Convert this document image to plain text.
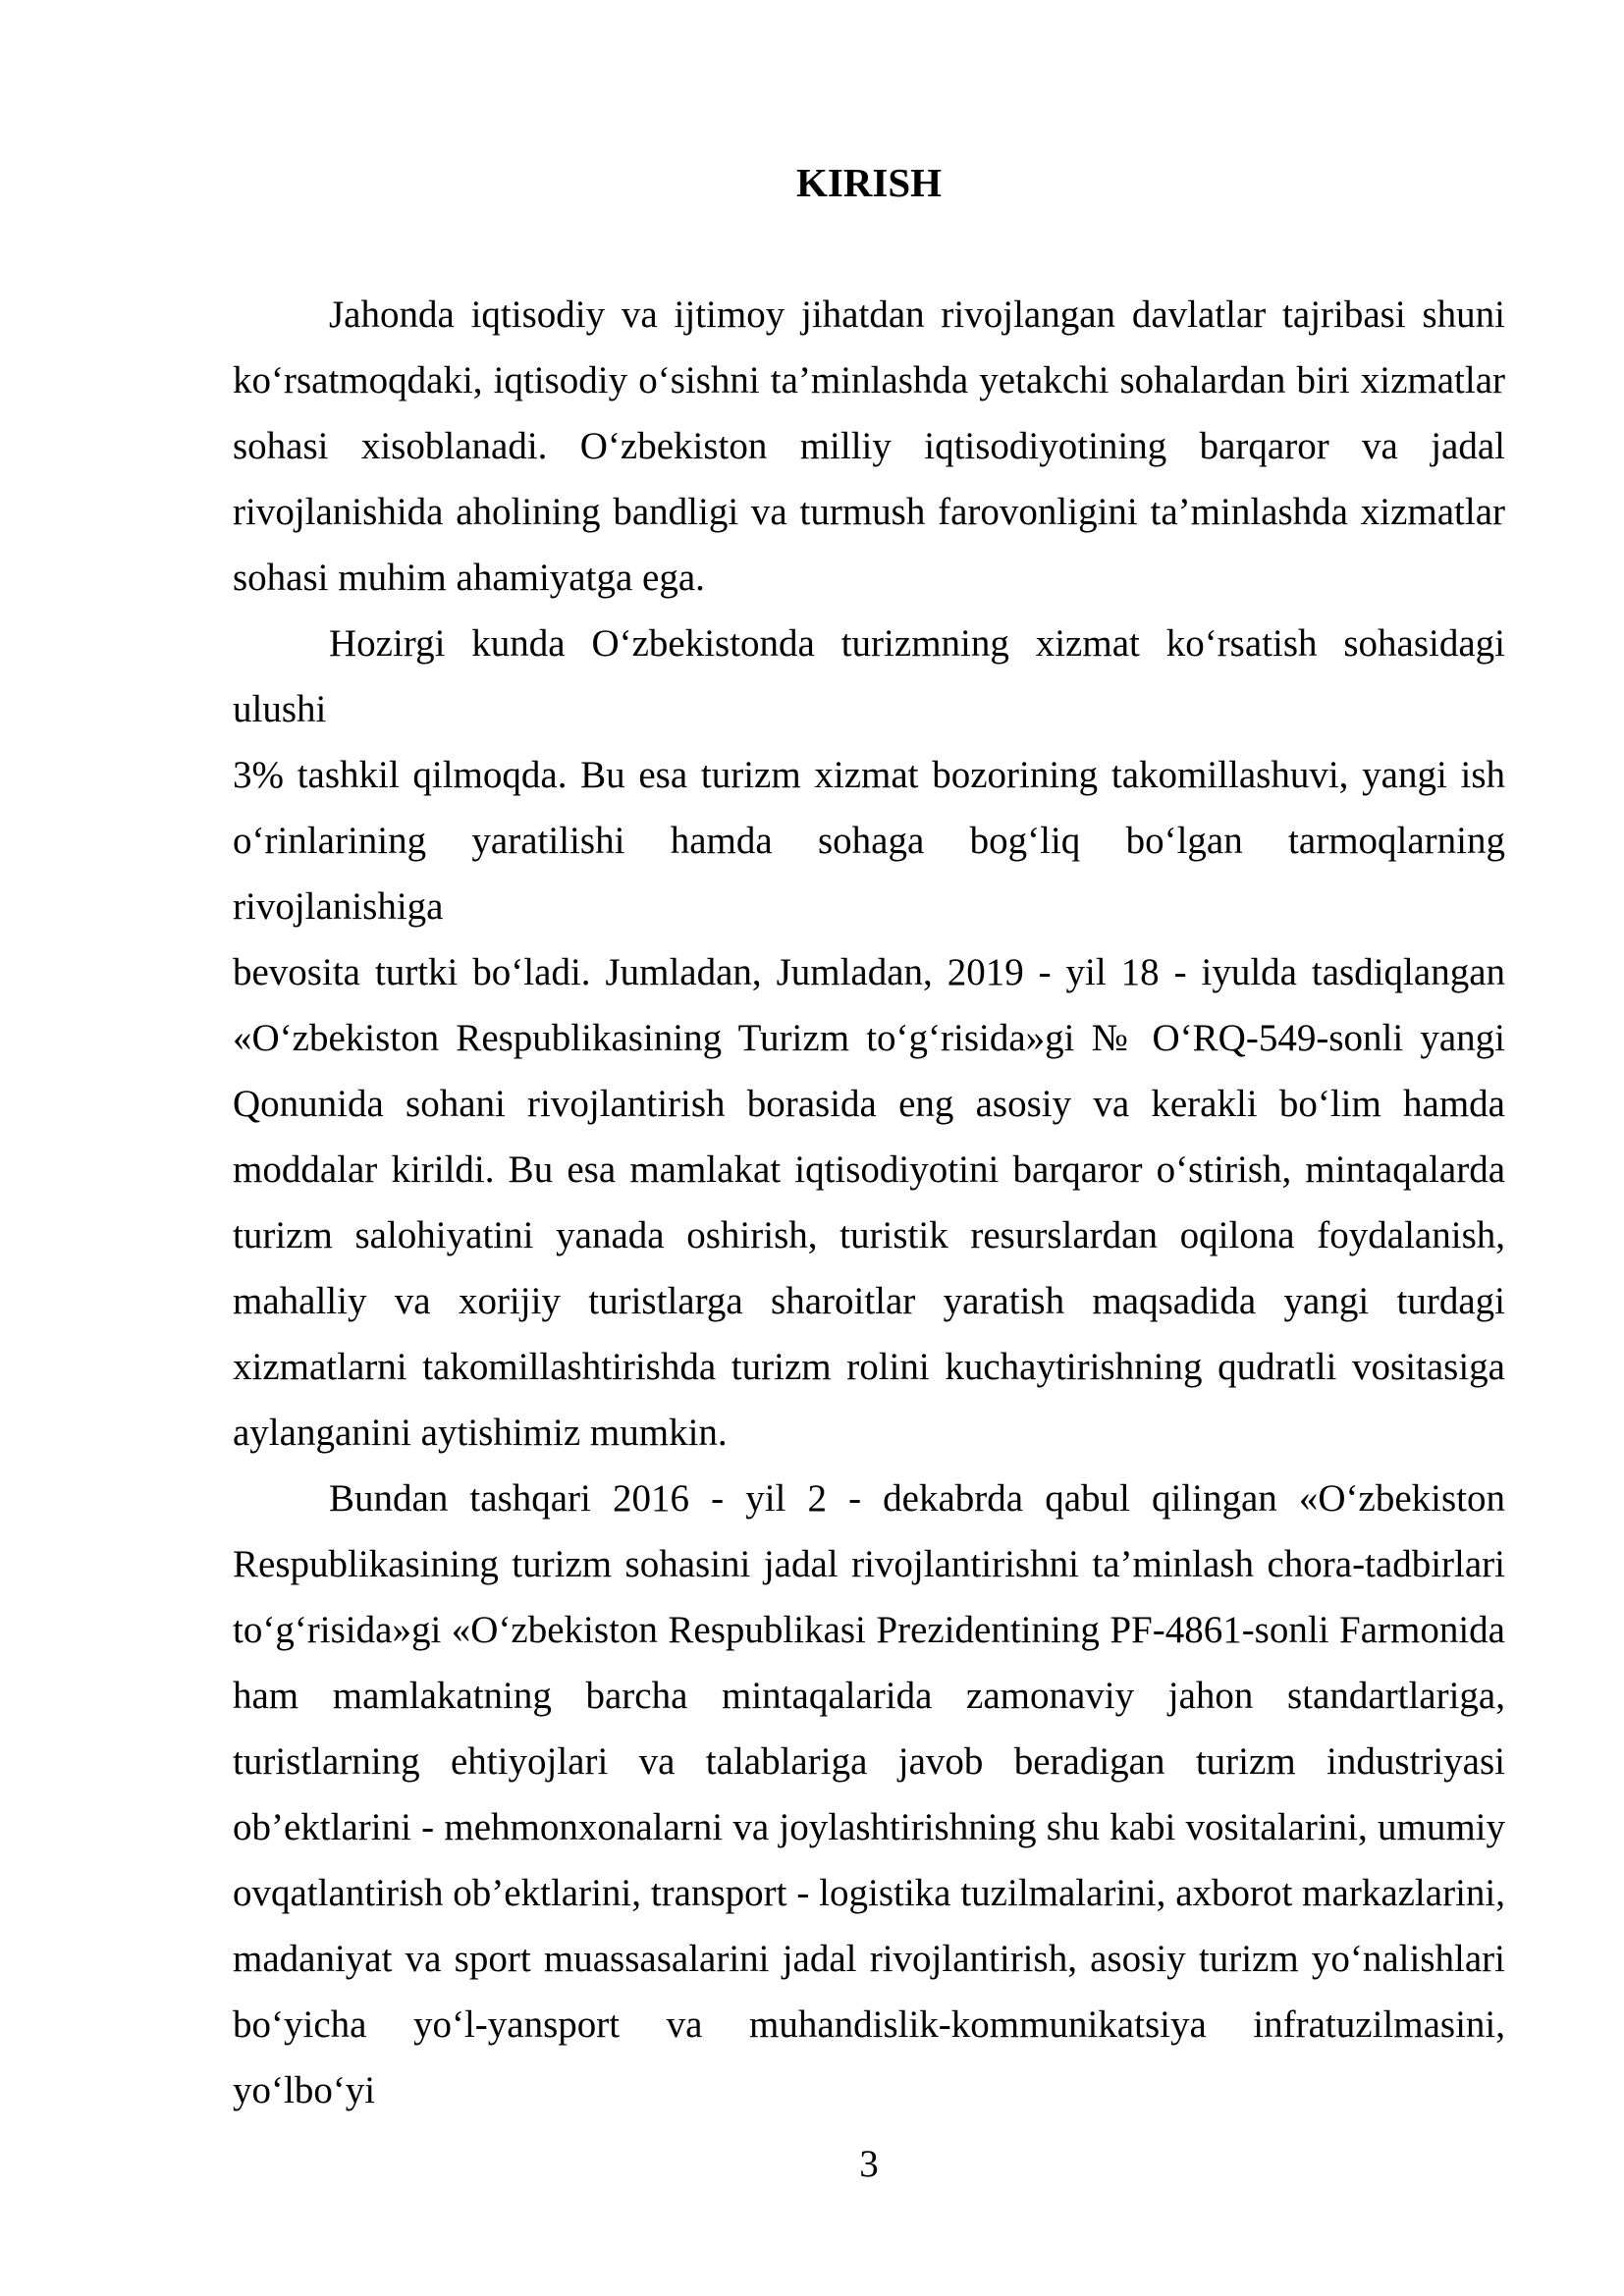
KIRISH
Jahonda iqtisodiy va ijtimoy jihatdan rivojlangan davlatlar tajribasi shuni
ko‘rsatmoqdaki, iqtisodiy o‘sishni ta’minlashda yetakchi sohalardan biri xizmatlar
sohasi xisoblanadi. O‘zbekiston milliy iqtisodiyotining barqaror va jadal
rivojlanishida aholining bandligi va turmush farovonligini ta’minlashda xizmatlar
sohasi muhim ahamiyatga ega.
Hozirgi kunda O‘zbekistonda turizmning xizmat ko‘rsatish sohasidagi ulushi
3% tashkil qilmoqda. Bu esa turizm xizmat bozorining takomillashuvi, yangi ish
o‘rinlarining yaratilishi hamda sohaga bog‘liq bo‘lgan tarmoqlarning rivojlanishiga
bevosita turtki bo‘ladi. Jumladan, Jumladan, 2019 - yil 18 - iyulda tasdiqlangan
«O‘zbekiston Respublikasining Turizm to‘g‘risida»gi № O‘RQ-549-sonli yangi
Qonunida sohani rivojlantirish borasida eng asosiy va kerakli bo‘lim hamda
moddalar kirildi. Bu esa mamlakat iqtisodiyotini barqaror o‘stirish, mintaqalarda
turizm salohiyatini yanada oshirish, turistik resurslardan oqilona foydalanish,
mahalliy va xorijiy turistlarga sharoitlar yaratish maqsadida yangi turdagi
xizmatlarni takomillashtirishda turizm rolini kuchaytirishning qudratli vositasiga
aylanganini aytishimiz mumkin.
Bundan tashqari 2016 - yil 2 - dekabrda qabul qilingan «O‘zbekiston
Respublikasining turizm sohasini jadal rivojlantirishni ta’minlash chora-tadbirlari
to‘g‘risida»gi «O‘zbekiston Respublikasi Prezidentining PF-4861-sonli Farmonida
ham mamlakatning barcha mintaqalarida zamonaviy jahon standartlariga,
turistlarning ehtiyojlari va talablariga javob beradigan turizm industriyasi
ob’ektlarini - mehmonxonalarni va joylashtirishning shu kabi vositalarini, umumiy
ovqatlantirish ob’ektlarini, transport - logistika tuzilmalarini, axborot markazlarini,
madaniyat va sport muassasalarini jadal rivojlantirish, asosiy turizm yo‘nalishlari
bo‘yicha yo‘l-yansport va muhandislik-kommunikatsiya infratuzilmasini, yo‘lbo‘yi
3
